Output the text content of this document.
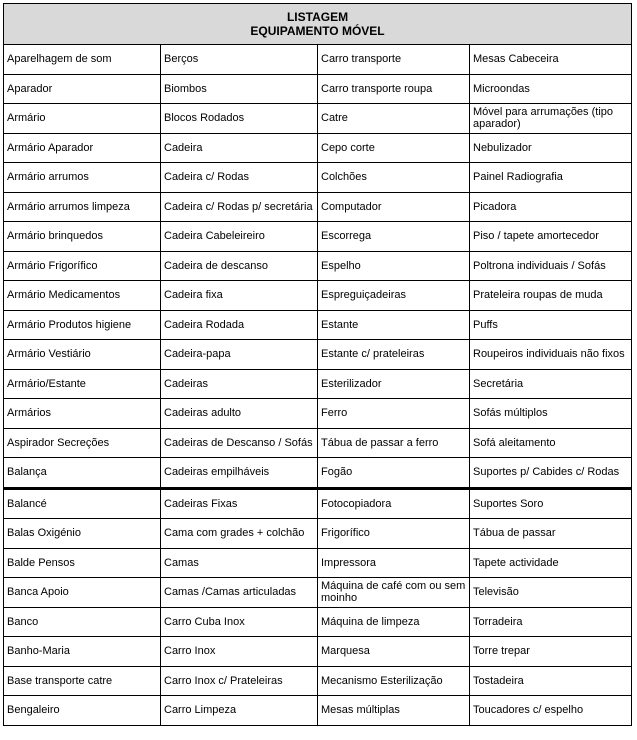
LISTAGEM
EQUIPAMENTO MÓVEL			

Aparelhagem de som	Berços	Carro transporte	Mesas Cabeceira
Aparador	Biombos	Carro transporte roupa	Microondas
Armário	Blocos Rodados	Catre	Móvel para arrumações (tipo aparador)
Armário Aparador	Cadeira	Cepo corte	Nebulizador
Armário arrumos	Cadeira c/ Rodas	Colchões	Painel Radiografia
Armário arrumos limpeza	Cadeira c/ Rodas p/ secretária	Computador	Picadora
Armário brinquedos	Cadeira Cabeleireiro	Escorrega	Piso / tapete amortecedor
Armário Frigorífico	Cadeira de descanso	Espelho	Poltrona individuais / Sofás
Armário Medicamentos	Cadeira fixa	Espreguiçadeiras	Prateleira roupas de muda
Armário Produtos higiene	Cadeira Rodada	Estante	Puffs
Armário Vestiário	Cadeira-papa	Estante c/ prateleiras	Roupeiros individuais não fixos
Armário/Estante	Cadeiras	Esterilizador	Secretária
Armários	Cadeiras adulto	Ferro	Sofás múltiplos
Aspirador Secreções	Cadeiras de Descanso / Sofás	Tábua de passar a ferro	Sofá aleitamento
Balança	Cadeiras empilháveis	Fogão	Suportes p/ Cabides c/ Rodas
Balancé	Cadeiras Fixas	Fotocopiadora	Suportes Soro
Balas Oxigénio	Cama com grades + colchão	Frigorífico	Tábua de passar
Balde Pensos	Camas	Impressora	Tapete actividade
Banca Apoio	Camas /Camas articuladas	Máquina de café com ou sem moinho	Televisão
Banco	Carro Cuba Inox	Máquina de limpeza	Torradeira
Banho-Maria	Carro Inox	Marquesa	Torre trepar
Base transporte catre	Carro Inox c/ Prateleiras	Mecanismo Esterilização	Tostadeira
Bengaleiro	Carro Limpeza	Mesas múltiplas	Toucadores c/ espelho
